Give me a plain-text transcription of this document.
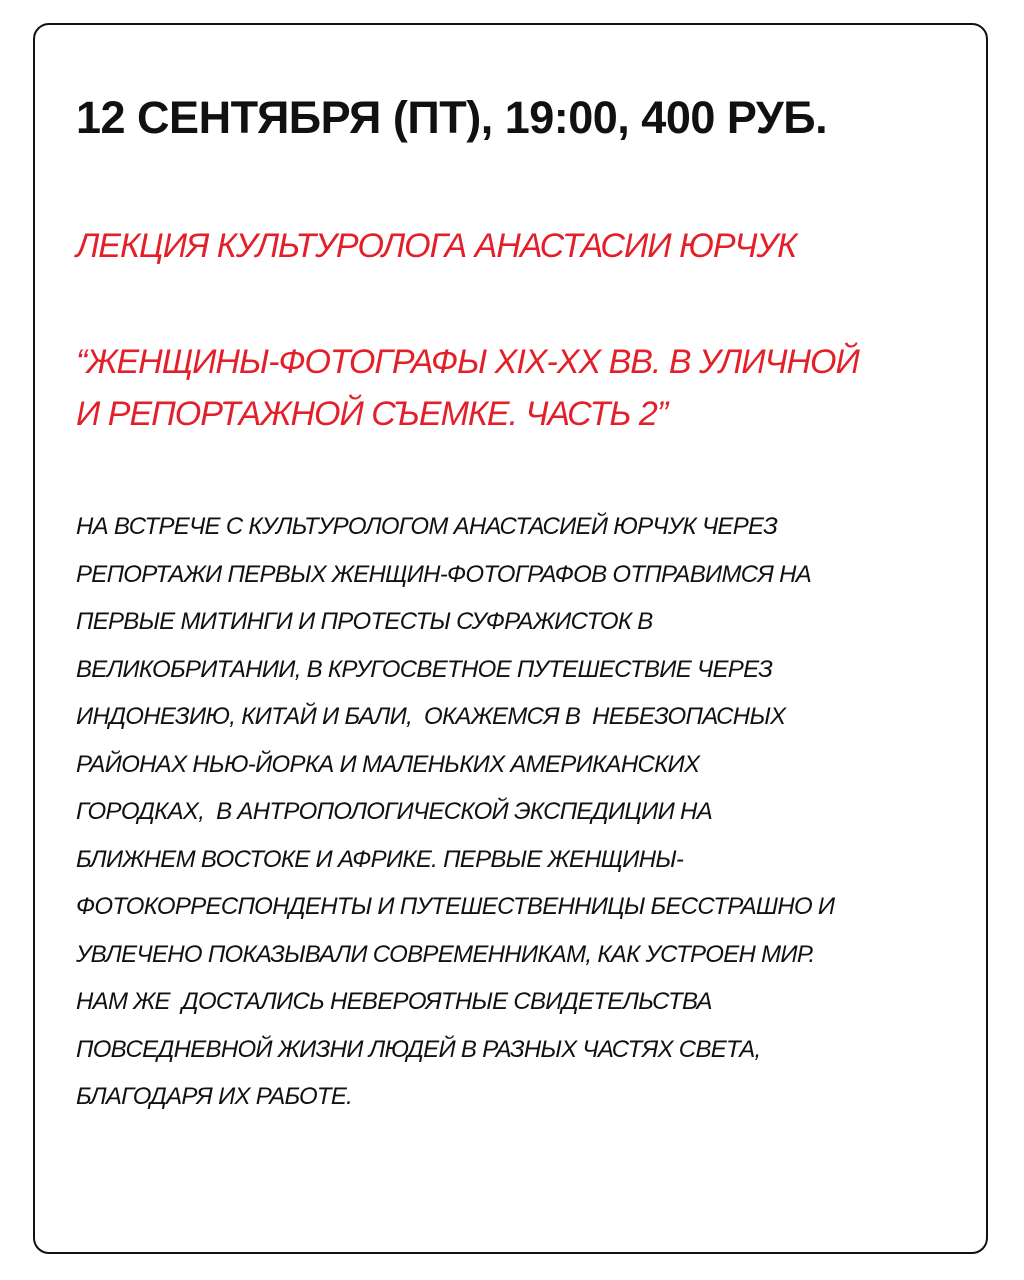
12 СЕНТЯБРЯ (ПТ), 19:00, 400 РУБ.

ЛЕКЦИЯ КУЛЬТУРОЛОГА АНАСТАСИИ ЮРЧУК

“ЖЕНЩИНЫ-ФОТОГРАФЫ XIX-XX ВВ. В УЛИЧНОЙ
И РЕПОРТАЖНОЙ СЪЕМКЕ. ЧАСТЬ 2”

НА ВСТРЕЧЕ С КУЛЬТУРОЛОГОМ АНАСТАСИЕЙ ЮРЧУК ЧЕРЕЗ
РЕПОРТАЖИ ПЕРВЫХ ЖЕНЩИН-ФОТОГРАФОВ ОТПРАВИМСЯ НА
ПЕРВЫЕ МИТИНГИ И ПРОТЕСТЫ СУФРАЖИСТОК В
ВЕЛИКОБРИТАНИИ, В КРУГОСВЕТНОЕ ПУТЕШЕСТВИЕ ЧЕРЕЗ
ИНДОНЕЗИЮ, КИТАЙ И БАЛИ,  ОКАЖЕМСЯ В  НЕБЕЗОПАСНЫХ
РАЙОНАХ НЬЮ-ЙОРКА И МАЛЕНЬКИХ АМЕРИКАНСКИХ
ГОРОДКАХ,  В АНТРОПОЛОГИЧЕСКОЙ ЭКСПЕДИЦИИ НА
БЛИЖНЕМ ВОСТОКЕ И АФРИКЕ. ПЕРВЫЕ ЖЕНЩИНЫ-
ФОТОКОРРЕСПОНДЕНТЫ И ПУТЕШЕСТВЕННИЦЫ БЕССТРАШНО И
УВЛЕЧЕНО ПОКАЗЫВАЛИ СОВРЕМЕННИКАМ, КАК УСТРОЕН МИР.
НАМ ЖЕ  ДОСТАЛИСЬ НЕВЕРОЯТНЫЕ СВИДЕТЕЛЬСТВА
ПОВСЕДНЕВНОЙ ЖИЗНИ ЛЮДЕЙ В РАЗНЫХ ЧАСТЯХ СВЕТА,
БЛАГОДАРЯ ИХ РАБОТЕ.
